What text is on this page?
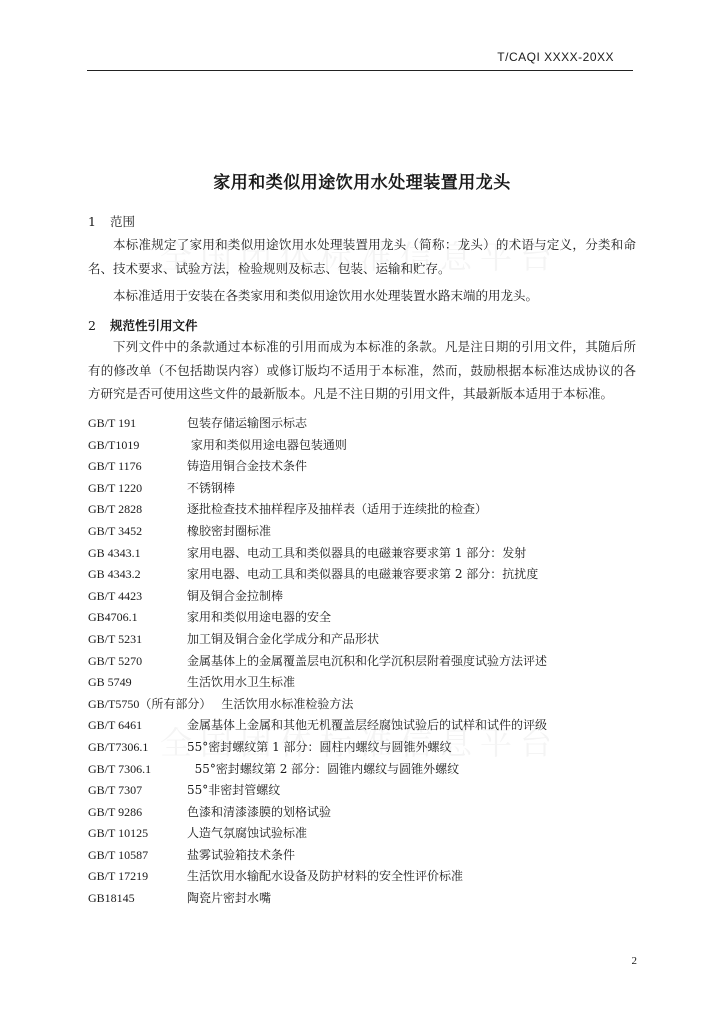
T/CAQI XXXX-20XX
家用和类似用途饮用水处理装置用龙头
1 范围
本标准规定了家用和类似用途饮用水处理装置用龙头（简称：龙头）的术语与定义，分类和命名、技术要求、试验方法，检验规则及标志、包装、运输和贮存。
本标准适用于安装在各类家用和类似用途饮用水处理装置水路末端的用龙头。
2 规范性引用文件
下列文件中的条款通过本标准的引用而成为本标准的条款。凡是注日期的引用文件，其随后所有的修改单（不包括勘误内容）或修订版均不适用于本标准，然而，鼓励根据本标准达成协议的各方研究是否可使用这些文件的最新版本。凡是不注日期的引用文件，其最新版本适用于本标准。
GB/T 191	包装存储运输图示标志
GB/T1019	家用和类似用途电器包装通则
GB/T 1176	铸造用铜合金技术条件
GB/T 1220	不锈钢棒
GB/T 2828	逐批检查技术抽样程序及抽样表（适用于连续批的检查）
GB/T 3452	橡胶密封圈标准
GB 4343.1	家用电器、电动工具和类似器具的电磁兼容要求第 1 部分：发射
GB 4343.2	家用电器、电动工具和类似器具的电磁兼容要求第 2 部分：抗扰度
GB/T 4423	铜及铜合金拉制棒
GB4706.1	家用和类似用途电器的安全
GB/T 5231	加工铜及铜合金化学成分和产品形状
GB/T 5270	金属基体上的金属覆盖层电沉积和化学沉积层附着强度试验方法评述
GB 5749	生活饮用水卫生标准
GB/T5750（所有部分） 生活饮用水标准检验方法
GB/T 6461	金属基体上金属和其他无机覆盖层经腐蚀试验后的试样和试件的评级
GB/T7306.1	55°密封螺纹第 1 部分：圆柱内螺纹与圆锥外螺纹
GB/T 7306.1	55°密封螺纹第 2 部分：圆锥内螺纹与圆锥外螺纹
GB/T 7307	55°非密封管螺纹
GB/T 9286	色漆和清漆漆膜的划格试验
GB/T 10125	人造气氛腐蚀试验标准
GB/T 10587	盐雾试验箱技术条件
GB/T 17219	生活饮用水输配水设备及防护材料的安全性评价标准
GB18145	陶瓷片密封水嘴
2
